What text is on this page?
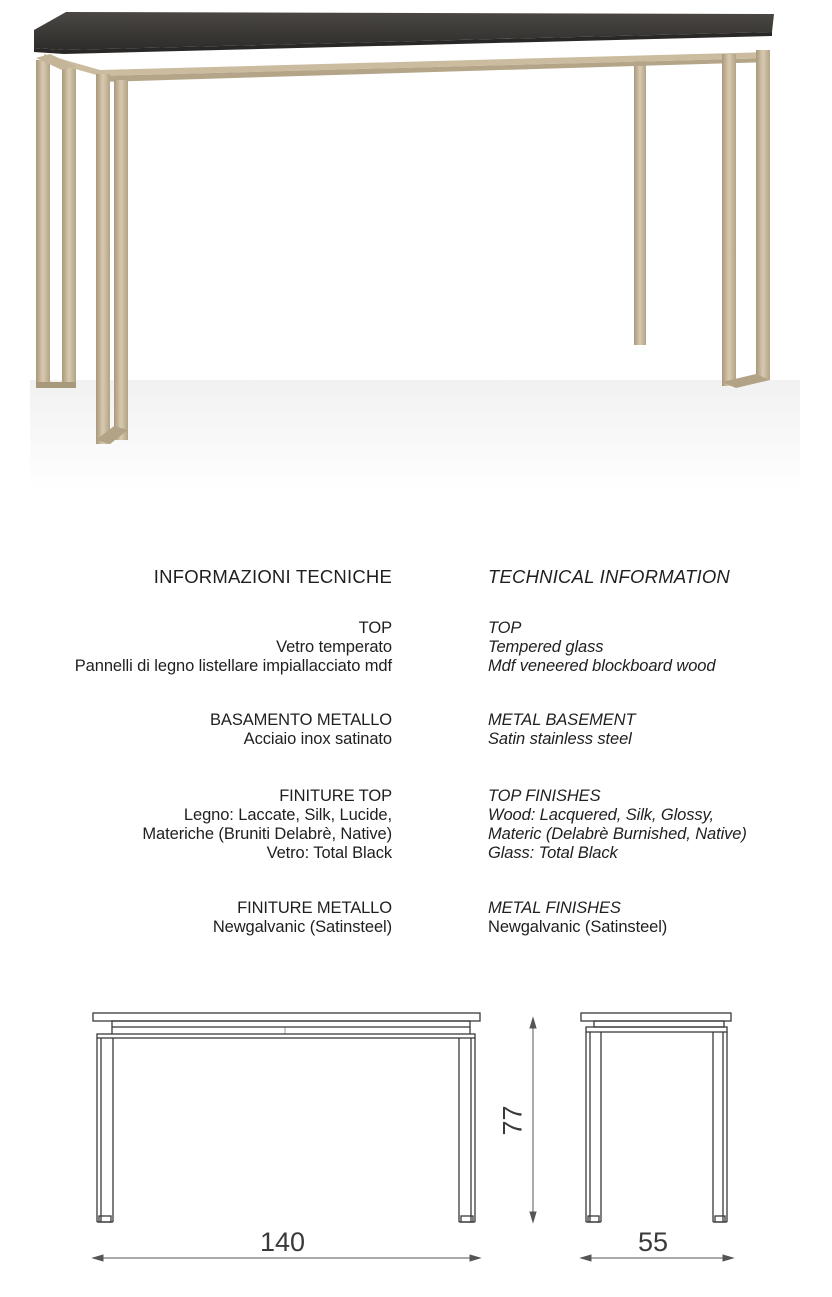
INFORMAZIONI TECNICHE
TOP
Vetro temperato
Pannelli di legno listellare impiallacciato mdf
BASAMENTO METALLO
Acciaio inox satinato
FINITURE TOP
Legno: Laccate, Silk, Lucide,
Materiche (Bruniti Delabrè, Native)
Vetro: Total Black
FINITURE METALLO
Newgalvanic (Satinsteel)
TECHNICAL INFORMATION
TOP
Tempered glass
Mdf veneered blockboard wood
METAL BASEMENT
Satin stainless steel
TOP FINISHES
Wood: Lacquered, Silk, Glossy,
Materic (Delabrè Burnished, Native)
Glass: Total Black
METAL FINISHES
Newgalvanic (Satinsteel)
140	55
77
